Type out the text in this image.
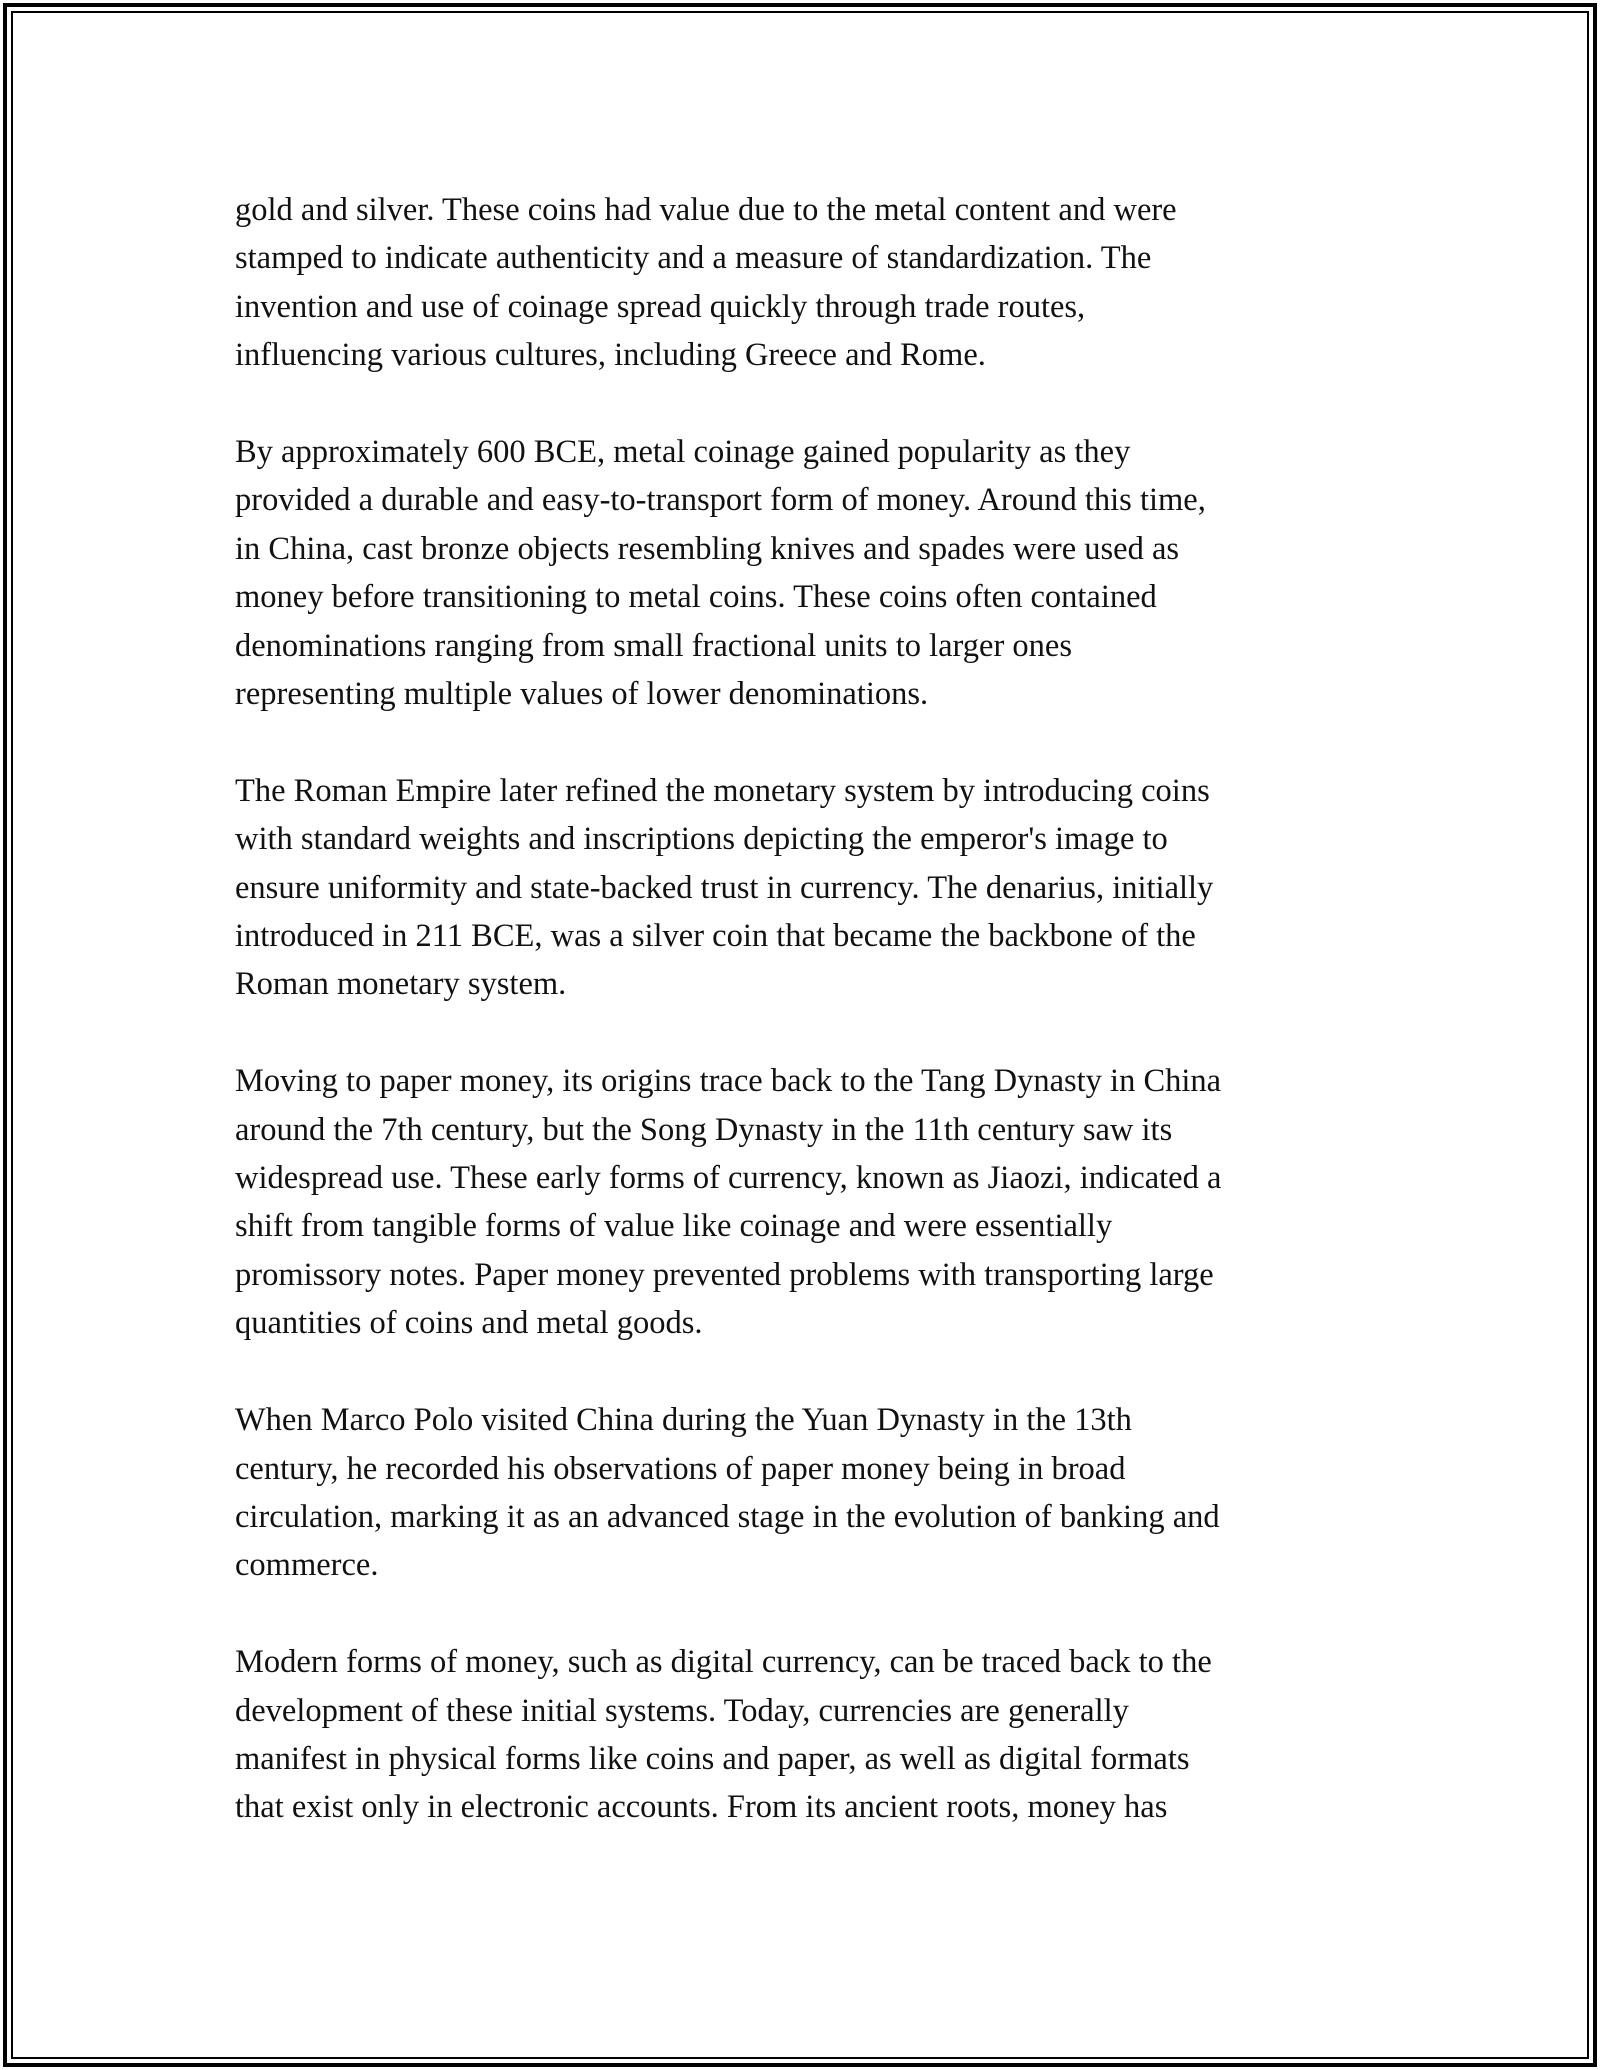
gold and silver. These coins had value due to the metal content and were
stamped to indicate authenticity and a measure of standardization. The
invention and use of coinage spread quickly through trade routes,
influencing various cultures, including Greece and Rome.

By approximately 600 BCE, metal coinage gained popularity as they
provided a durable and easy-to-transport form of money. Around this time,
in China, cast bronze objects resembling knives and spades were used as
money before transitioning to metal coins. These coins often contained
denominations ranging from small fractional units to larger ones
representing multiple values of lower denominations.

The Roman Empire later refined the monetary system by introducing coins
with standard weights and inscriptions depicting the emperor's image to
ensure uniformity and state-backed trust in currency. The denarius, initially
introduced in 211 BCE, was a silver coin that became the backbone of the
Roman monetary system.

Moving to paper money, its origins trace back to the Tang Dynasty in China
around the 7th century, but the Song Dynasty in the 11th century saw its
widespread use. These early forms of currency, known as Jiaozi, indicated a
shift from tangible forms of value like coinage and were essentially
promissory notes. Paper money prevented problems with transporting large
quantities of coins and metal goods.

When Marco Polo visited China during the Yuan Dynasty in the 13th
century, he recorded his observations of paper money being in broad
circulation, marking it as an advanced stage in the evolution of banking and
commerce.

Modern forms of money, such as digital currency, can be traced back to the
development of these initial systems. Today, currencies are generally
manifest in physical forms like coins and paper, as well as digital formats
that exist only in electronic accounts. From its ancient roots, money has
